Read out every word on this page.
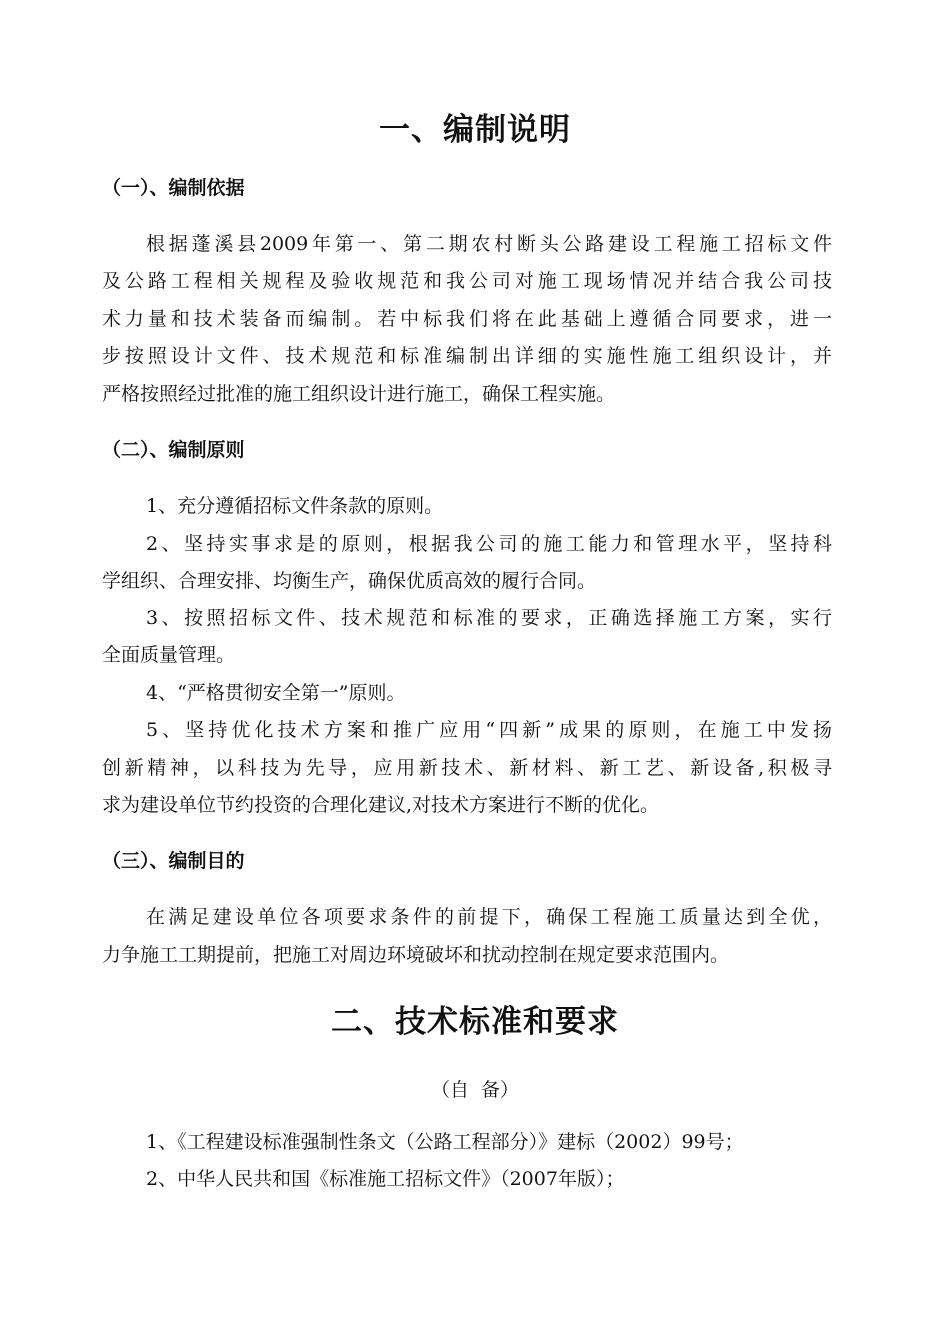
一、编制说明
（一）、编制依据
根据蓬溪县2009年第一、第二期农村断头公路建设工程施工招标文件
及公路工程相关规程及验收规范和我公司对施工现场情况并结合我公司技
术力量和技术装备而编制。若中标我们将在此基础上遵循合同要求，进一
步按照设计文件、技术规范和标准编制出详细的实施性施工组织设计，并
严格按照经过批准的施工组织设计进行施工，确保工程实施。
（二）、编制原则
1、充分遵循招标文件条款的原则。
2、坚持实事求是的原则，根据我公司的施工能力和管理水平，坚持科
学组织、合理安排、均衡生产，确保优质高效的履行合同。
3、按照招标文件、技术规范和标准的要求，正确选择施工方案，实行
全面质量管理。
4、“严格贯彻安全第一”原则。
5、坚持优化技术方案和推广应用“四新”成果的原则，在施工中发扬
创新精神，以科技为先导，应用新技术、新材料、新工艺、新设备,积极寻
求为建设单位节约投资的合理化建议,对技术方案进行不断的优化。
（三）、编制目的
在满足建设单位各项要求条件的前提下，确保工程施工质量达到全优，
力争施工工期提前，把施工对周边环境破坏和扰动控制在规定要求范围内。
二、技术标准和要求
（自  备）
1、《工程建设标准强制性条文（公路工程部分）》建标（2002）99号；
2、中华人民共和国《标准施工招标文件》（2007年版）；
